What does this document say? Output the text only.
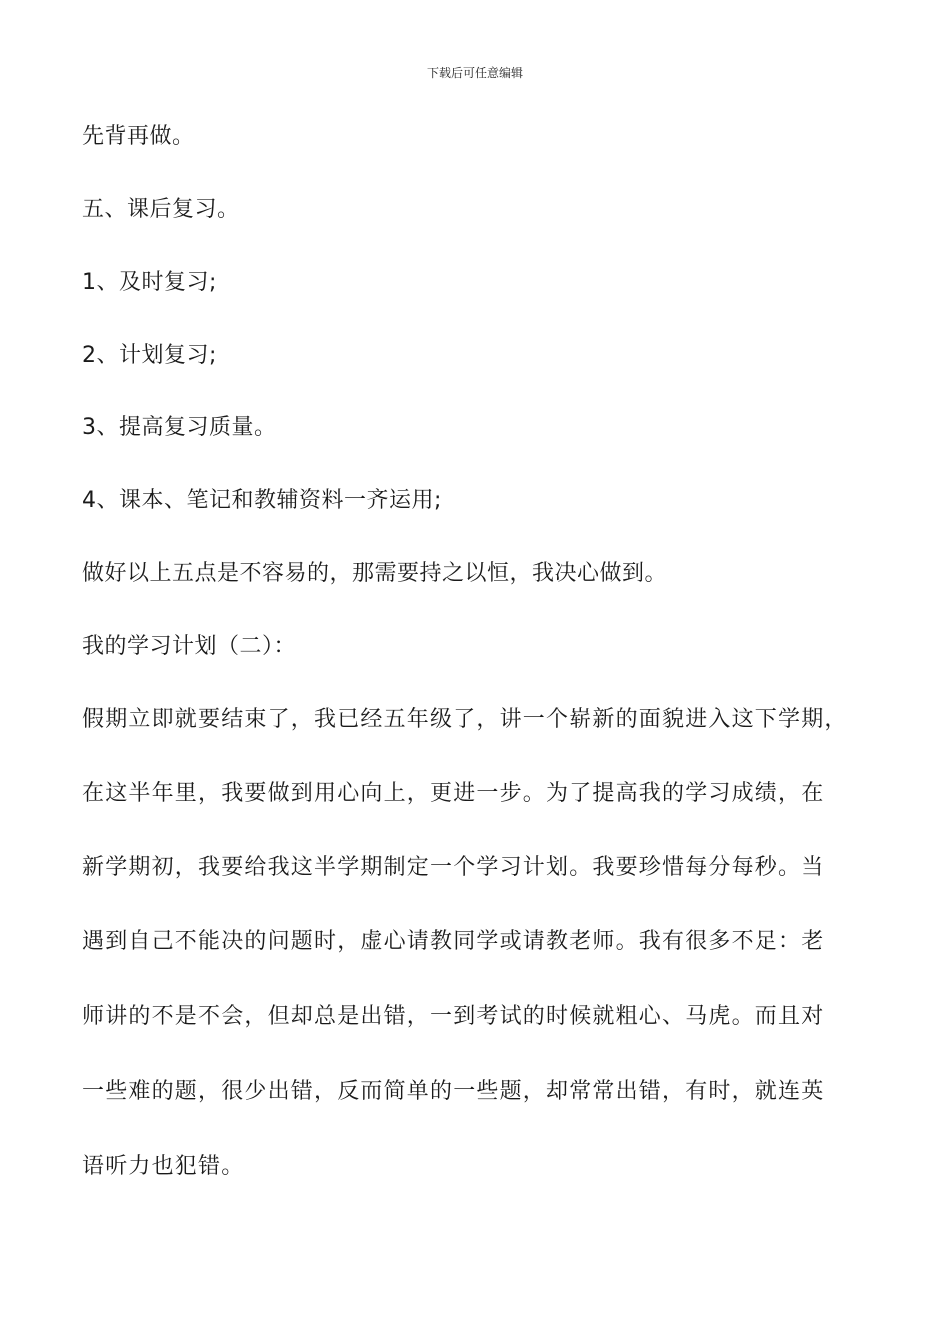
下载后可任意编辑

先背再做。

五、课后复习。

1、及时复习;

2、计划复习;

3、提高复习质量。

4、课本、笔记和教辅资料一齐运用;

做好以上五点是不容易的，那需要持之以恒，我决心做到。

我的学习计划（二）：

假期立即就要结束了，我已经五年级了，讲一个崭新的面貌进入这下学期，

在这半年里，我要做到用心向上，更进一步。为了提高我的学习成绩，在

新学期初，我要给我这半学期制定一个学习计划。我要珍惜每分每秒。当

遇到自己不能决的问题时，虚心请教同学或请教老师。我有很多不足：老

师讲的不是不会，但却总是出错，一到考试的时候就粗心、马虎。而且对

一些难的题，很少出错，反而简单的一些题，却常常出错，有时，就连英

语听力也犯错。
